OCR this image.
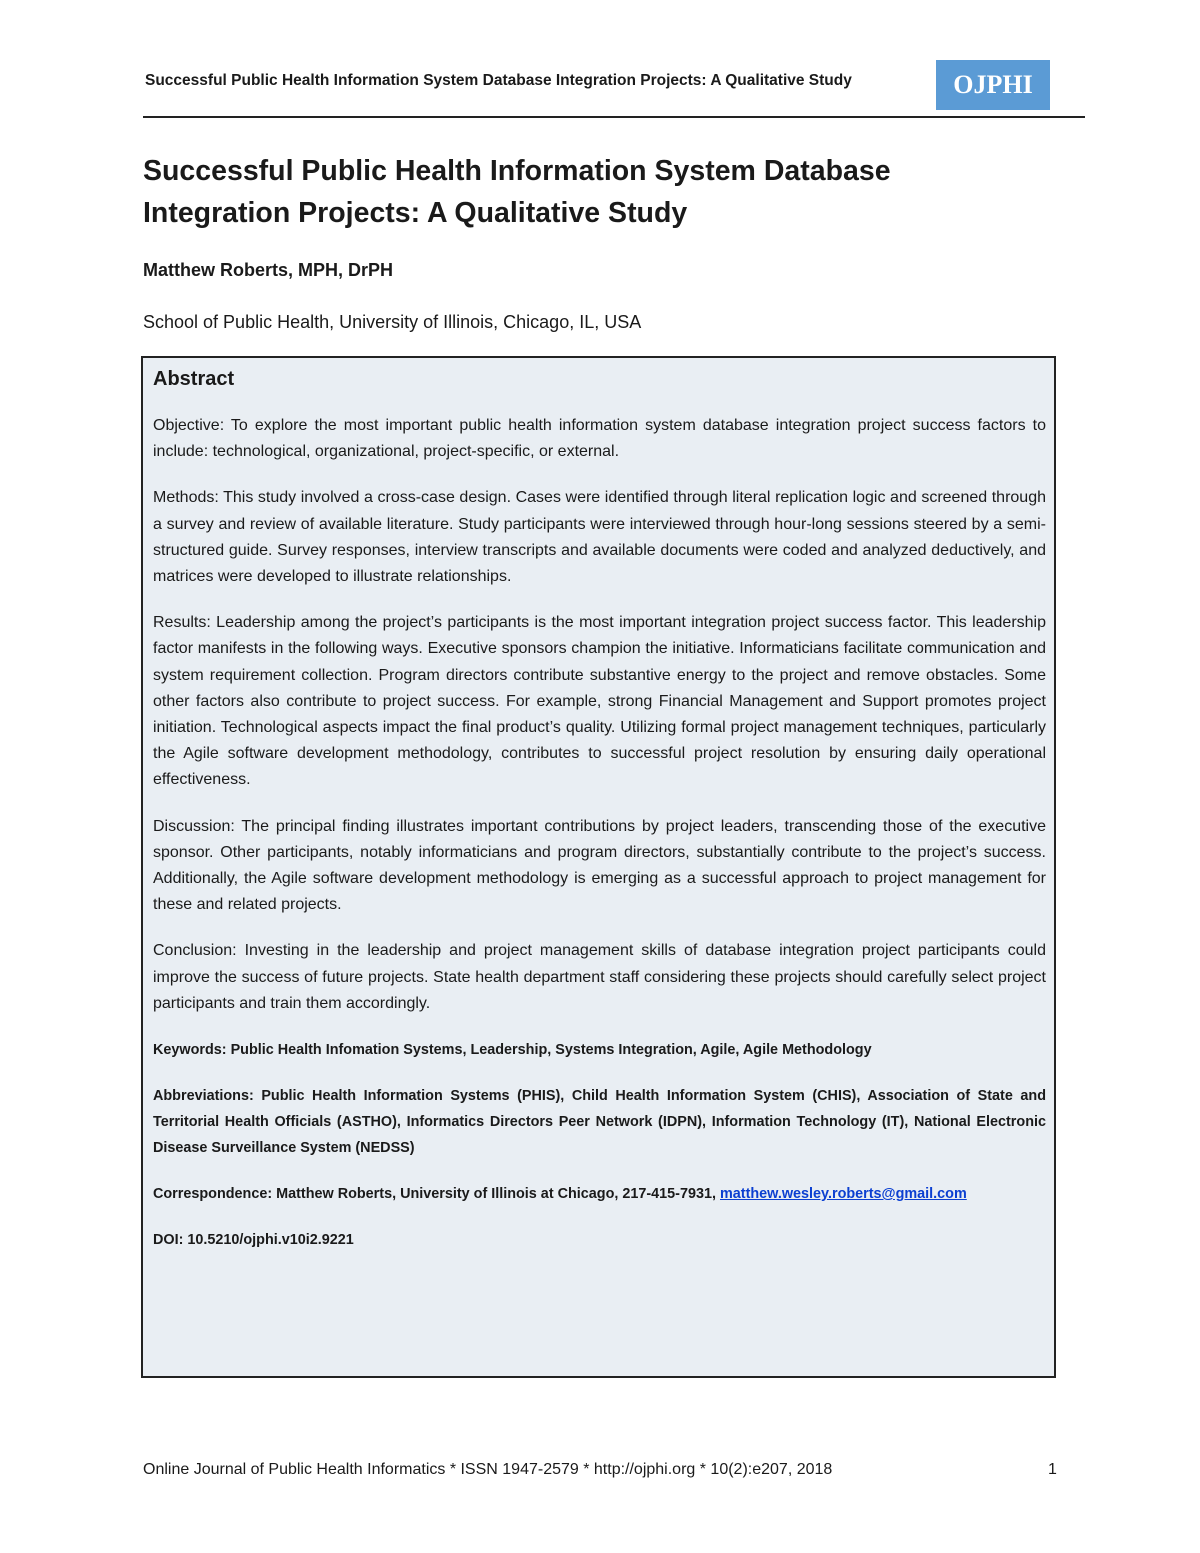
Successful Public Health Information System Database Integration Projects: A Qualitative Study	OJPHI
Successful Public Health Information System Database Integration Projects: A Qualitative Study
Matthew Roberts, MPH, DrPH
School of Public Health, University of Illinois, Chicago, IL, USA
Abstract

Objective: To explore the most important public health information system database integration project success factors to include: technological, organizational, project-specific, or external.

Methods: This study involved a cross-case design. Cases were identified through literal replication logic and screened through a survey and review of available literature. Study participants were interviewed through hour-long sessions steered by a semi-structured guide. Survey responses, interview transcripts and available documents were coded and analyzed deductively, and matrices were developed to illustrate relationships.

Results: Leadership among the project’s participants is the most important integration project success factor. This leadership factor manifests in the following ways. Executive sponsors champion the initiative. Informaticians facilitate communication and system requirement collection. Program directors contribute substantive energy to the project and remove obstacles. Some other factors also contribute to project success. For example, strong Financial Management and Support promotes project initiation. Technological aspects impact the final product’s quality. Utilizing formal project management techniques, particularly the Agile software development methodology, contributes to successful project resolution by ensuring daily operational effectiveness.

Discussion: The principal finding illustrates important contributions by project leaders, transcending those of the executive sponsor. Other participants, notably informaticians and program directors, substantially contribute to the project’s success. Additionally, the Agile software development methodology is emerging as a successful approach to project management for these and related projects.

Conclusion: Investing in the leadership and project management skills of database integration project participants could improve the success of future projects. State health department staff considering these projects should carefully select project participants and train them accordingly.

Keywords: Public Health Infomation Systems, Leadership, Systems Integration, Agile, Agile Methodology

Abbreviations: Public Health Information Systems (PHIS), Child Health Information System (CHIS), Association of State and Territorial Health Officials (ASTHO), Informatics Directors Peer Network (IDPN), Information Technology (IT), National Electronic Disease Surveillance System (NEDSS)

Correspondence: Matthew Roberts, University of Illinois at Chicago, 217-415-7931, matthew.wesley.roberts@gmail.com

DOI: 10.5210/ojphi.v10i2.9221

Online Journal of Public Health Informatics * ISSN 1947-2579 * http://ojphi.org * 10(2):e207, 2018	1
